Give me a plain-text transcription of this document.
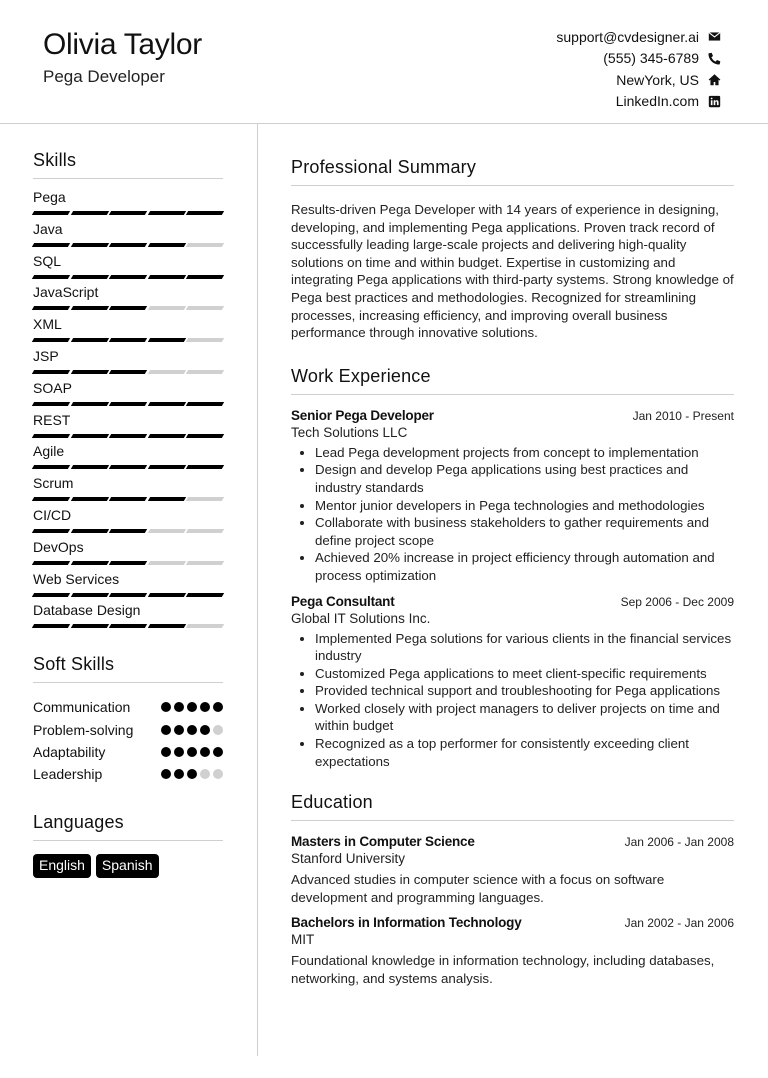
Olivia Taylor
Pega Developer
support@cvdesigner.ai
(555) 345-6789
NewYork, US
LinkedIn.com
Skills
Pega
Java
SQL
JavaScript
XML
JSP
SOAP
REST
Agile
Scrum
CI/CD
DevOps
Web Services
Database Design
Soft Skills
Communication
Problem-solving
Adaptability
Leadership
Languages
English	Spanish
Professional Summary
Results-driven Pega Developer with 14 years of experience in designing, developing, and implementing Pega applications. Proven track record of successfully leading large-scale projects and delivering high-quality solutions on time and within budget. Expertise in customizing and integrating Pega applications with third-party systems. Strong knowledge of Pega best practices and methodologies. Recognized for streamlining processes, increasing efficiency, and improving overall business performance through innovative solutions.
Work Experience
Senior Pega Developer	Jan 2010 - Present
Tech Solutions LLC
• Lead Pega development projects from concept to implementation
• Design and develop Pega applications using best practices and industry standards
• Mentor junior developers in Pega technologies and methodologies
• Collaborate with business stakeholders to gather requirements and define project scope
• Achieved 20% increase in project efficiency through automation and process optimization
Pega Consultant	Sep 2006 - Dec 2009
Global IT Solutions Inc.
• Implemented Pega solutions for various clients in the financial services industry
• Customized Pega applications to meet client-specific requirements
• Provided technical support and troubleshooting for Pega applications
• Worked closely with project managers to deliver projects on time and within budget
• Recognized as a top performer for consistently exceeding client expectations
Education
Masters in Computer Science	Jan 2006 - Jan 2008
Stanford University
Advanced studies in computer science with a focus on software development and programming languages.
Bachelors in Information Technology	Jan 2002 - Jan 2006
MIT
Foundational knowledge in information technology, including databases, networking, and systems analysis.
